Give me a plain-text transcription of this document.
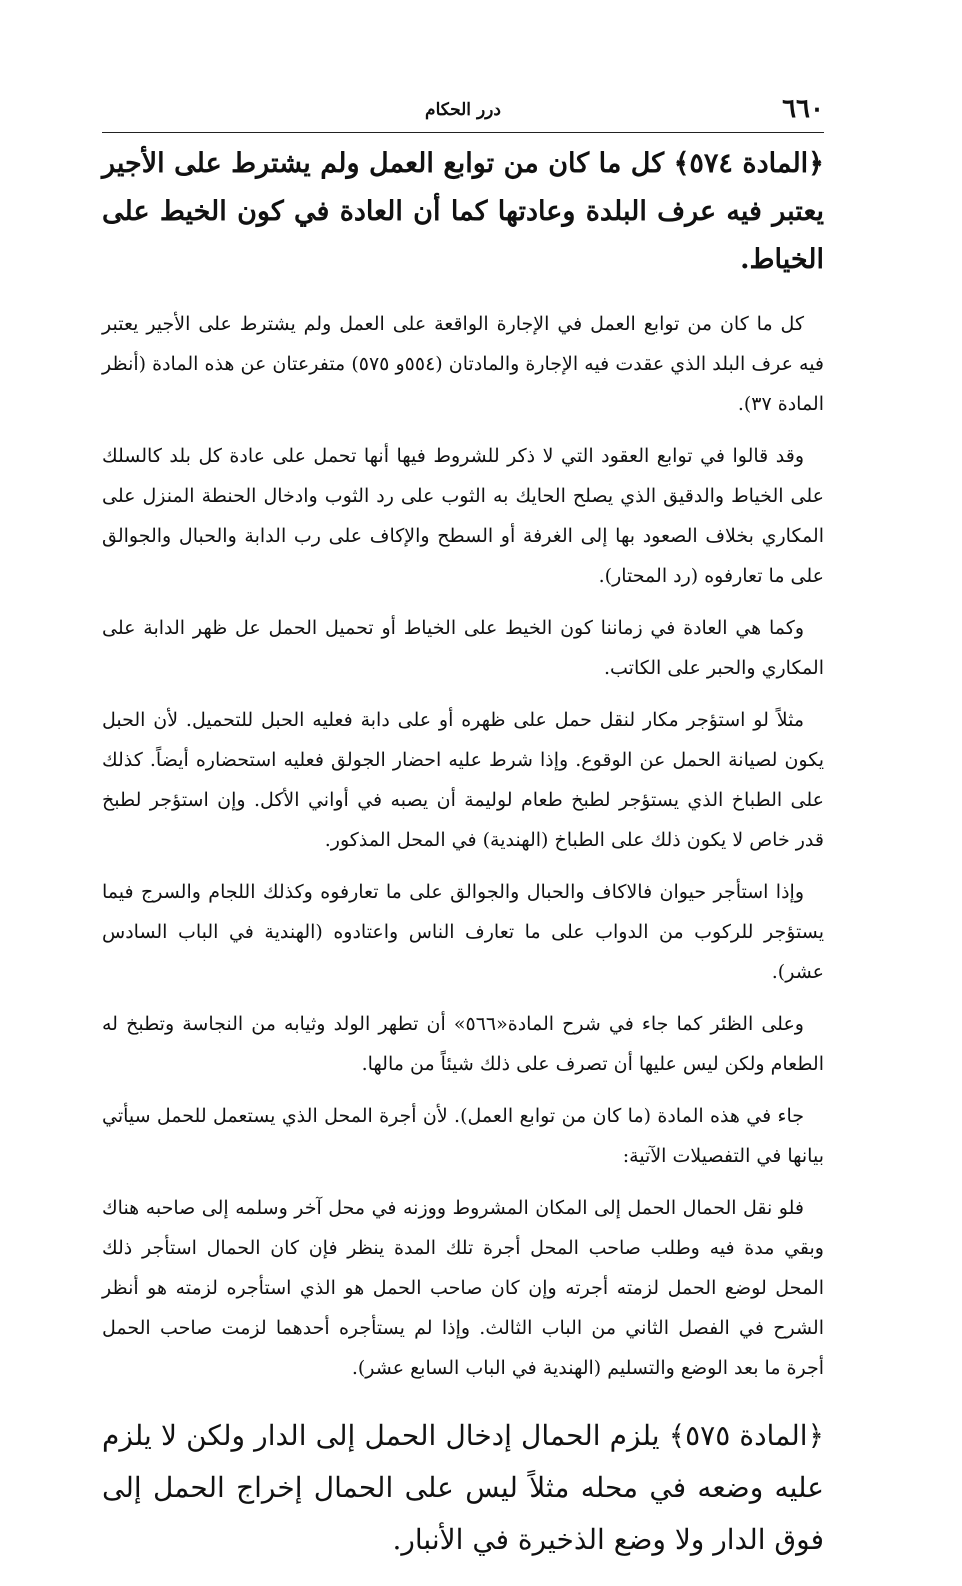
٦٦٠
درر الحكام

﴿المادة ٥٧٤﴾ كل ما كان من توابع العمل ولم يشترط على الأجير يعتبر فيه عرف البلدة وعادتها كما أن العادة في كون الخيط على الخياط.

كل ما كان من توابع العمل في الإجارة الواقعة على العمل ولم يشترط على الأجير يعتبر فيه عرف البلد الذي عقدت فيه الإجارة والمادتان (٥٥٤و ٥٧٥) متفرعتان عن هذه المادة (أنظر المادة ٣٧).

وقد قالوا في توابع العقود التي لا ذكر للشروط فيها أنها تحمل على عادة كل بلد كالسلك على الخياط والدقيق الذي يصلح الحايك به الثوب على رد الثوب وادخال الحنطة المنزل على المكاري بخلاف الصعود بها إلى الغرفة أو السطح والإكاف على رب الدابة والحبال والجوالق على ما تعارفوه (رد المحتار).

وكما هي العادة في زماننا كون الخيط على الخياط أو تحميل الحمل عل ظهر الدابة على المكاري والحبر على الكاتب.

مثلاً لو استؤجر مكار لنقل حمل على ظهره أو على دابة فعليه الحبل للتحميل. لأن الحبل يكون لصيانة الحمل عن الوقوع. وإذا شرط عليه احضار الجولق فعليه استحضاره أيضاً. كذلك على الطباخ الذي يستؤجر لطبخ طعام لوليمة أن يصبه في أواني الأكل. وإن استؤجر لطبخ قدر خاص لا يكون ذلك على الطباخ (الهندية) في المحل المذكور.

وإذا استأجر حيوان فالاكاف والحبال والجوالق على ما تعارفوه وكذلك اللجام والسرج فيما يستؤجر للركوب من الدواب على ما تعارف الناس واعتادوه (الهندية في الباب السادس عشر).

وعلى الظئر كما جاء في شرح المادة«٥٦٦» أن تطهر الولد وثيابه من النجاسة وتطبخ له الطعام ولكن ليس عليها أن تصرف على ذلك شيئاً من مالها.

جاء في هذه المادة (ما كان من توابع العمل). لأن أجرة المحل الذي يستعمل للحمل سيأتي بيانها في التفصيلات الآتية:

فلو نقل الحمال الحمل إلى المكان المشروط ووزنه في محل آخر وسلمه إلى صاحبه هناك وبقي مدة فيه وطلب صاحب المحل أجرة تلك المدة ينظر فإن كان الحمال استأجر ذلك المحل لوضع الحمل لزمته أجرته وإن كان صاحب الحمل هو الذي استأجره لزمته هو أنظر الشرح في الفصل الثاني من الباب الثالث. وإذا لم يستأجره أحدهما لزمت صاحب الحمل أجرة ما بعد الوضع والتسليم (الهندية في الباب السابع عشر).

﴿المادة ٥٧٥﴾ يلزم الحمال إدخال الحمل إلى الدار ولكن لا يلزم عليه وضعه في محله مثلاً ليس على الحمال إخراج الحمل إلى فوق الدار ولا وضع الذخيرة في الأنبار.
